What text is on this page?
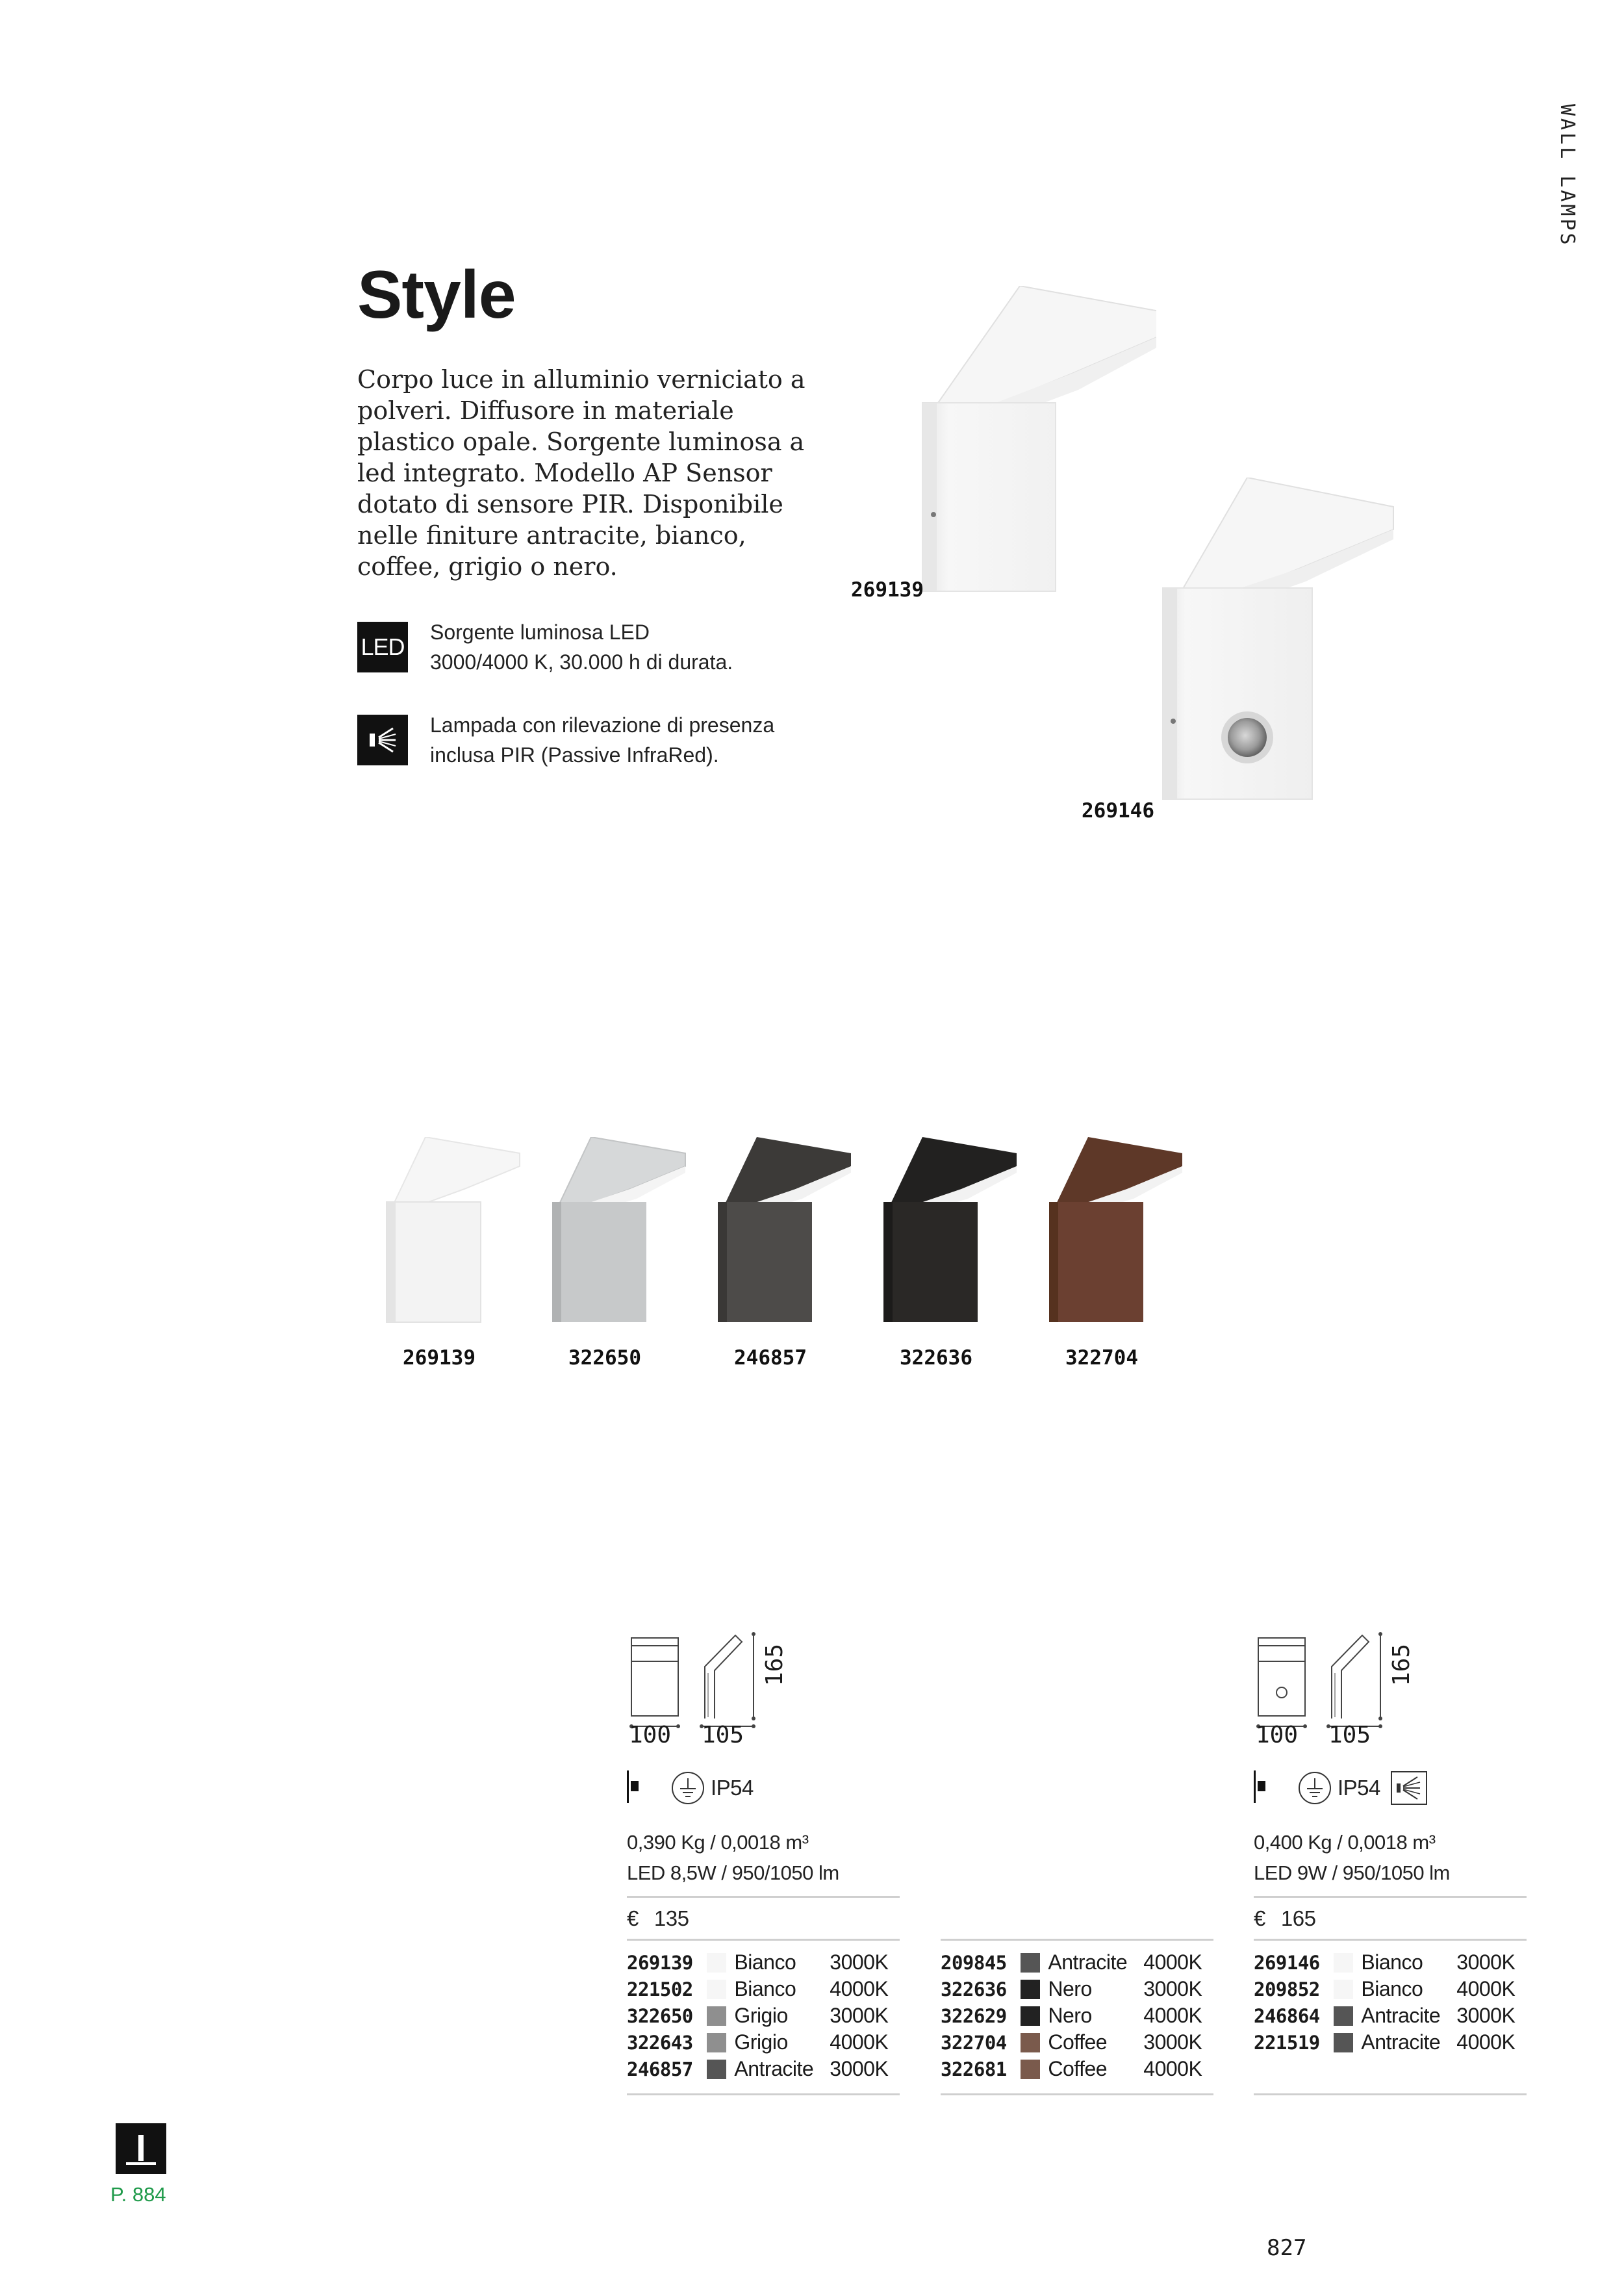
WALL LAMPS
Style
Corpo luce in alluminio verniciato a polveri. Diffusore in materiale plastico opale. Sorgente luminosa a led integrato. Modello AP Sensor dotato di sensore PIR. Disponibile nelle finiture antracite, bianco, coffee, grigio o nero.
LED
Sorgente luminosa LED
3000/4000 K, 30.000 h di durata.
Lampada con rilevazione di presenza
inclusa PIR (Passive InfraRed).
269139
269146
269139	322650	246857	322636	322704
100 105
165
IP54
0,390 Kg / 0,0018 m³
LED 8,5W / 950/1050 lm
€ 135
100 105
165
IP54
0,400 Kg / 0,0018 m³
LED 9W / 950/1050 lm
€ 165
269139	Bianco	3000K
221502	Bianco	4000K
322650	Grigio	3000K
322643	Grigio	4000K
246857	Antracite 3000K
209845	Antracite 4000K
322636	Nero	3000K
322629	Nero	4000K
322704	Coffee	3000K
322681	Coffee	4000K
269146	Bianco	3000K
209852	Bianco	4000K
246864	Antracite 3000K
221519	Antracite 4000K
P. 884
827
